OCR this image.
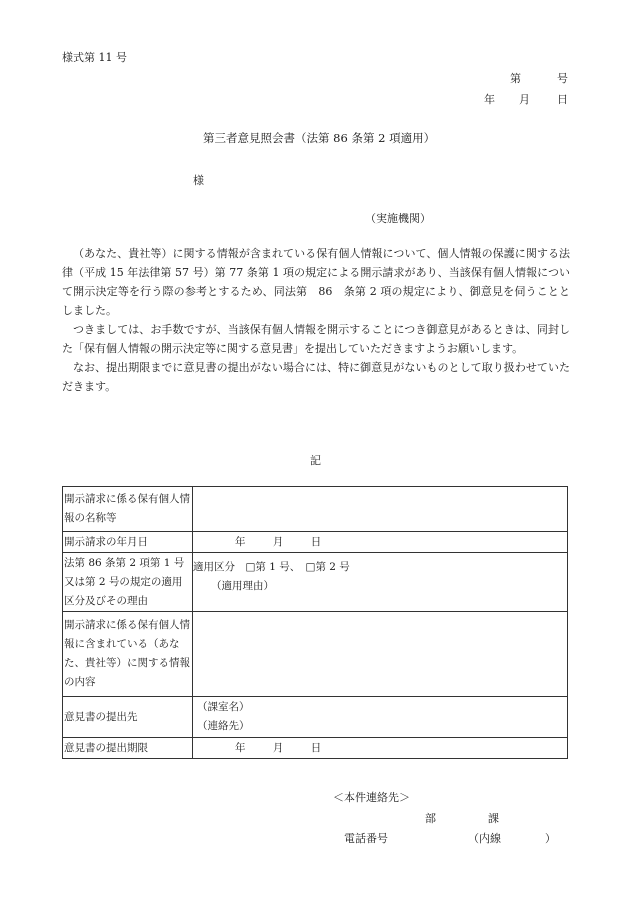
様式第 11 号
第	号
年 月 日
第三者意見照会書（法第 86 条第 2 項適用）
様
（実施機関）

（あなた、貴社等）に関する情報が含まれている保有個人情報について、個人情報の保護に関する法律（平成 15 年法律第 57 号）第 77 条第 1 項の規定による開示請求があり、当該保有個人情報について開示決定等を行う際の参考とするため、同法第　86　条第 2 項の規定により、御意見を伺うこととしました。

つきましては、お手数ですが、当該保有個人情報を開示することにつき御意見があるときは、同封した「保有個人情報の開示決定等に関する意見書」を提出していただきますようお願いします。

なお、提出期限までに意見書の提出がない場合には、特に御意見がないものとして取り扱わせていただきます。

記
開示請求に係る保有個人情報の名称等	
開示請求の年月日	年 月 日
法第 86 条第 2 項第 1 号又は第 2 号の規定の適用区分及びその理由	適用区分　□第 1 号、　□第 2 号
（適用理由）

開示請求に係る保有個人情報に含まれている（あなた、貴社等）に関する情報の内容	
意見書の提出先	（課室名）
（連絡先）

意見書の提出期限	年 月 日
＜本件連絡先＞
部	課
電話番号	（内線　　　　）
